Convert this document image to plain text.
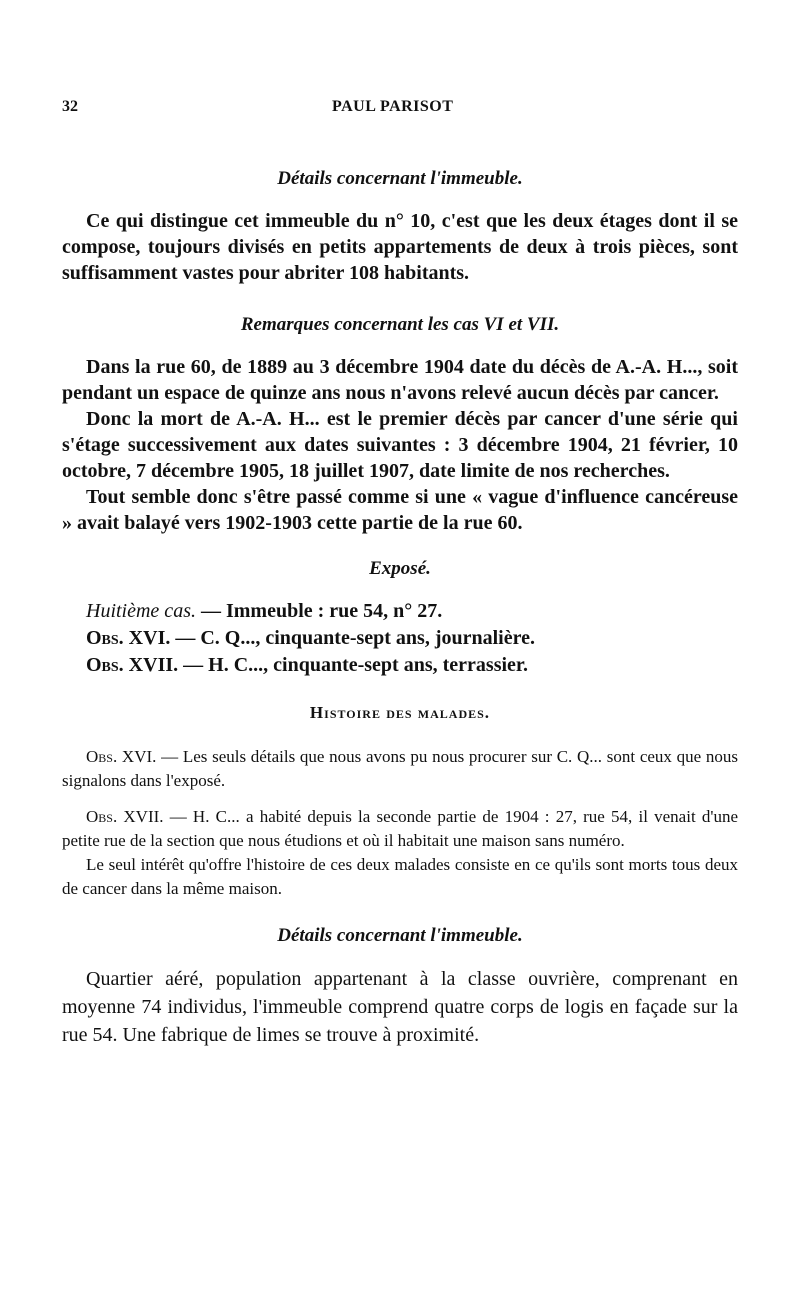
32	PAUL PARISOT
Détails concernant l'immeuble.

Ce qui distingue cet immeuble du n° 10, c'est que les deux étages dont il se compose, toujours divisés en petits appartements de deux à trois pièces, sont suffisamment vastes pour abriter 108 habitants.

Remarques concernant les cas VI et VII.

Dans la rue 60, de 1889 au 3 décembre 1904 date du décès de A.-A. H..., soit pendant un espace de quinze ans nous n'avons relevé aucun décès par cancer.

Donc la mort de A.-A. H... est le premier décès par cancer d'une série qui s'étage successivement aux dates suivantes : 3 décembre 1904, 21 février, 10 octobre, 7 décembre 1905, 18 juillet 1907, date limite de nos recherches.

Tout semble donc s'être passé comme si une « vague d'influence cancéreuse » avait balayé vers 1902-1903 cette partie de la rue 60.

Exposé.
Huitième cas. — Immeuble : rue 54, n° 27.
Obs. XVI. — C. Q..., cinquante-sept ans, journalière.
Obs. XVII. — H. C..., cinquante-sept ans, terrassier.
Histoire des malades.

Obs. XVI. — Les seuls détails que nous avons pu nous procurer sur C. Q... sont ceux que nous signalons dans l'exposé.

Obs. XVII. — H. C... a habité depuis la seconde partie de 1904 : 27, rue 54, il venait d'une petite rue de la section que nous étudions et où il habitait une maison sans numéro.

Le seul intérêt qu'offre l'histoire de ces deux malades consiste en ce qu'ils sont morts tous deux de cancer dans la même maison.

Détails concernant l'immeuble.

Quartier aéré, population appartenant à la classe ouvrière, comprenant en moyenne 74 individus, l'immeuble comprend quatre corps de logis en façade sur la rue 54. Une fabrique de limes se trouve à proximité.
